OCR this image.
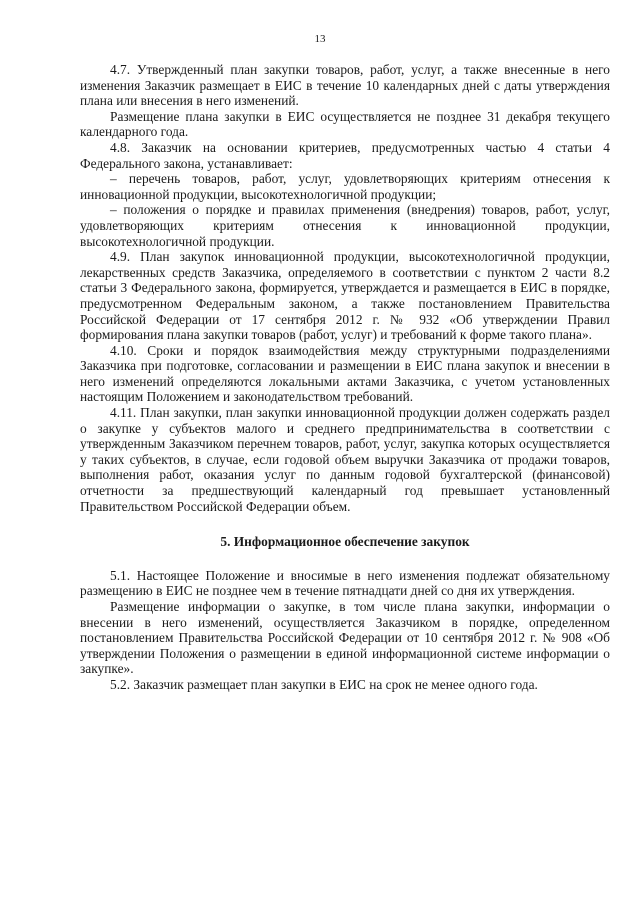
13

4.7. Утвержденный план закупки товаров, работ, услуг, а также внесенные в него изменения Заказчик размещает в ЕИС в течение 10 календарных дней с даты утверждения плана или внесения в него изменений.

Размещение плана закупки в ЕИС осуществляется не позднее 31 декабря текущего календарного года.

4.8. Заказчик на основании критериев, предусмотренных частью 4 статьи 4 Федерального закона, устанавливает:

– перечень товаров, работ, услуг, удовлетворяющих критериям отнесения к инновационной продукции, высокотехнологичной продукции;

– положения о порядке и правилах применения (внедрения) товаров, работ, услуг, удовлетворяющих критериям отнесения к инновационной продукции, высокотехнологичной продукции.

4.9. План закупок инновационной продукции, высокотехнологичной продукции, лекарственных средств Заказчика, определяемого в соответствии с пунктом 2 части 8.2 статьи 3 Федерального закона, формируется, утверждается и размещается в ЕИС в порядке, предусмотренном Федеральным законом, а также постановлением Правительства Российской Федерации от 17 сентября 2012 г. № 932 «Об утверждении Правил формирования плана закупки товаров (работ, услуг) и требований к форме такого плана».

4.10. Сроки и порядок взаимодействия между структурными подразделениями Заказчика при подготовке, согласовании и размещении в ЕИС плана закупок и внесении в него изменений определяются локальными актами Заказчика, с учетом установленных настоящим Положением и законодательством требований.

4.11. План закупки, план закупки инновационной продукции должен содержать раздел о закупке у субъектов малого и среднего предпринимательства в соответствии с утвержденным Заказчиком перечнем товаров, работ, услуг, закупка которых осуществляется у таких субъектов, в случае, если годовой объем выручки Заказчика от продажи товаров, выполнения работ, оказания услуг по данным годовой бухгалтерской (финансовой) отчетности за предшествующий календарный год превышает установленный Правительством Российской Федерации объем.

5. Информационное обеспечение закупок

5.1. Настоящее Положение и вносимые в него изменения подлежат обязательному размещению в ЕИС не позднее чем в течение пятнадцати дней со дня их утверждения.

Размещение информации о закупке, в том числе плана закупки, информации о внесении в него изменений, осуществляется Заказчиком в порядке, определенном постановлением Правительства Российской Федерации от 10 сентября 2012 г. № 908 «Об утверждении Положения о размещении в единой информационной системе информации о закупке».

5.2. Заказчик размещает план закупки в ЕИС на срок не менее одного года.
